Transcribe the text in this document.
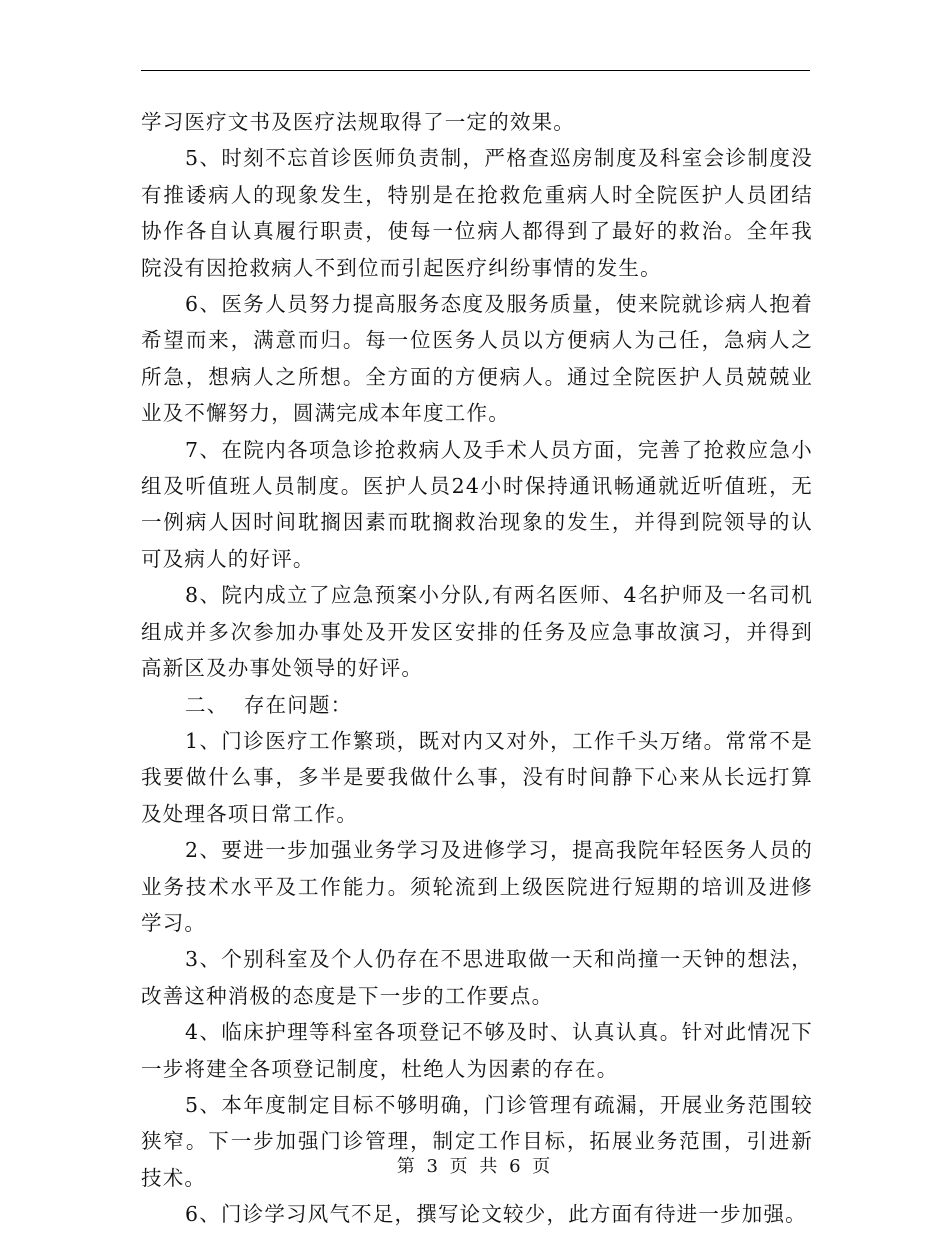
学习医疗文书及医疗法规取得了一定的效果。

5、时刻不忘首诊医师负责制，严格查巡房制度及科室会诊制度没有推诿病人的现象发生，特别是在抢救危重病人时全院医护人员团结协作各自认真履行职责，使每一位病人都得到了最好的救治。全年我院没有因抢救病人不到位而引起医疗纠纷事情的发生。

6、医务人员努力提高服务态度及服务质量，使来院就诊病人抱着希望而来，满意而归。每一位医务人员以方便病人为己任，急病人之所急，想病人之所想。全方面的方便病人。通过全院医护人员兢兢业业及不懈努力，圆满完成本年度工作。

7、在院内各项急诊抢救病人及手术人员方面，完善了抢救应急小组及听值班人员制度。医护人员24小时保持通讯畅通就近听值班，无一例病人因时间耽搁因素而耽搁救治现象的发生，并得到院领导的认可及病人的好评。

8、院内成立了应急预案小分队,有两名医师、4名护师及一名司机组成并多次参加办事处及开发区安排的任务及应急事故演习，并得到高新区及办事处领导的好评。

二、  存在问题：

1、门诊医疗工作繁琐，既对内又对外，工作千头万绪。常常不是我要做什么事，多半是要我做什么事，没有时间静下心来从长远打算及处理各项日常工作。

2、要进一步加强业务学习及进修学习，提高我院年轻医务人员的业务技术水平及工作能力。须轮流到上级医院进行短期的培训及进修学习。

3、个别科室及个人仍存在不思进取做一天和尚撞一天钟的想法，改善这种消极的态度是下一步的工作要点。

4、临床护理等科室各项登记不够及时、认真认真。针对此情况下一步将建全各项登记制度，杜绝人为因素的存在。

5、本年度制定目标不够明确，门诊管理有疏漏，开展业务范围较狭窄。下一步加强门诊管理，制定工作目标，拓展业务范围，引进新技术。

6、门诊学习风气不足，撰写论文较少，此方面有待进一步加强。

第 3 页 共 6 页
